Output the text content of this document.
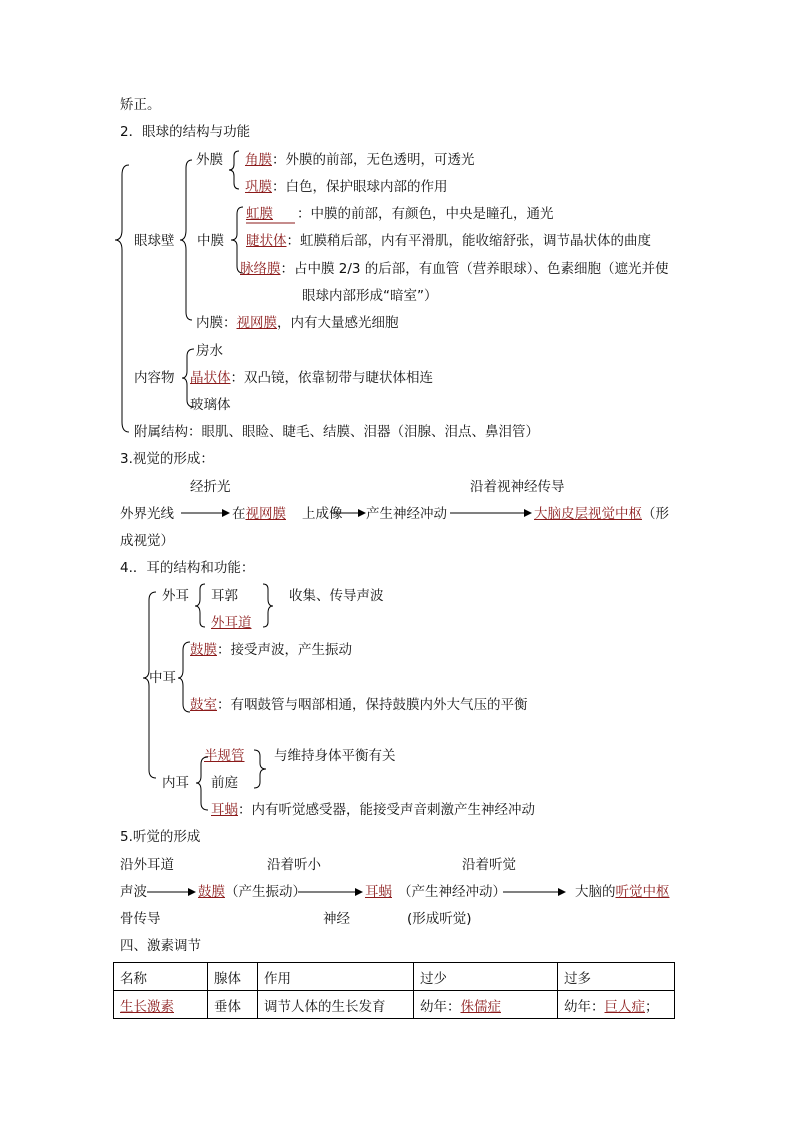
矫正。
2．眼球的结构与功能
外膜 角膜：外膜的前部，无色透明，可透光
巩膜：白色，保护眼球内部的作用
眼球壁 中膜
虹膜 ：中膜的前部，有颜色，中央是瞳孔，通光
睫状体：虹膜稍后部，内有平滑肌，能收缩舒张，调节晶状体的曲度
脉络膜：占中膜 2/3 的后部，有血管（营养眼球）、色素细胞（遮光并使
眼球内部形成“暗室”）
内膜：视网膜，内有大量感光细胞
房水
内容物 晶状体：双凸镜，依靠韧带与睫状体相连
玻璃体
附属结构：眼肌、眼睑、睫毛、结膜、泪器（泪腺、泪点、鼻泪管）
3.视觉的形成：
经折光	沿着视神经传导
外界光线	在视网膜 上成像 产生神经冲动	大脑皮层视觉中枢（形
成视觉）
4.．耳的结构和功能：
外耳 耳郭	收集、传导声波
外耳道
鼓膜：接受声波，产生振动
中耳
鼓室：有咽鼓管与咽部相通，保持鼓膜内外大气压的平衡
半规管 与维持身体平衡有关
内耳 前庭
耳蜗：内有听觉感受器，能接受声音刺激产生神经冲动
5.听觉的形成
沿外耳道	沿着听小	沿着听觉
声波	鼓膜（产生振动）	耳蜗 （产生神经冲动）	大脑的听觉中枢
骨传导	神经	(形成听觉)
四、激素调节
名称	腺体	作用	过少	过多
生长激素	垂体	调节人体的生长发育	幼年：侏儒症	幼年：巨人症；
